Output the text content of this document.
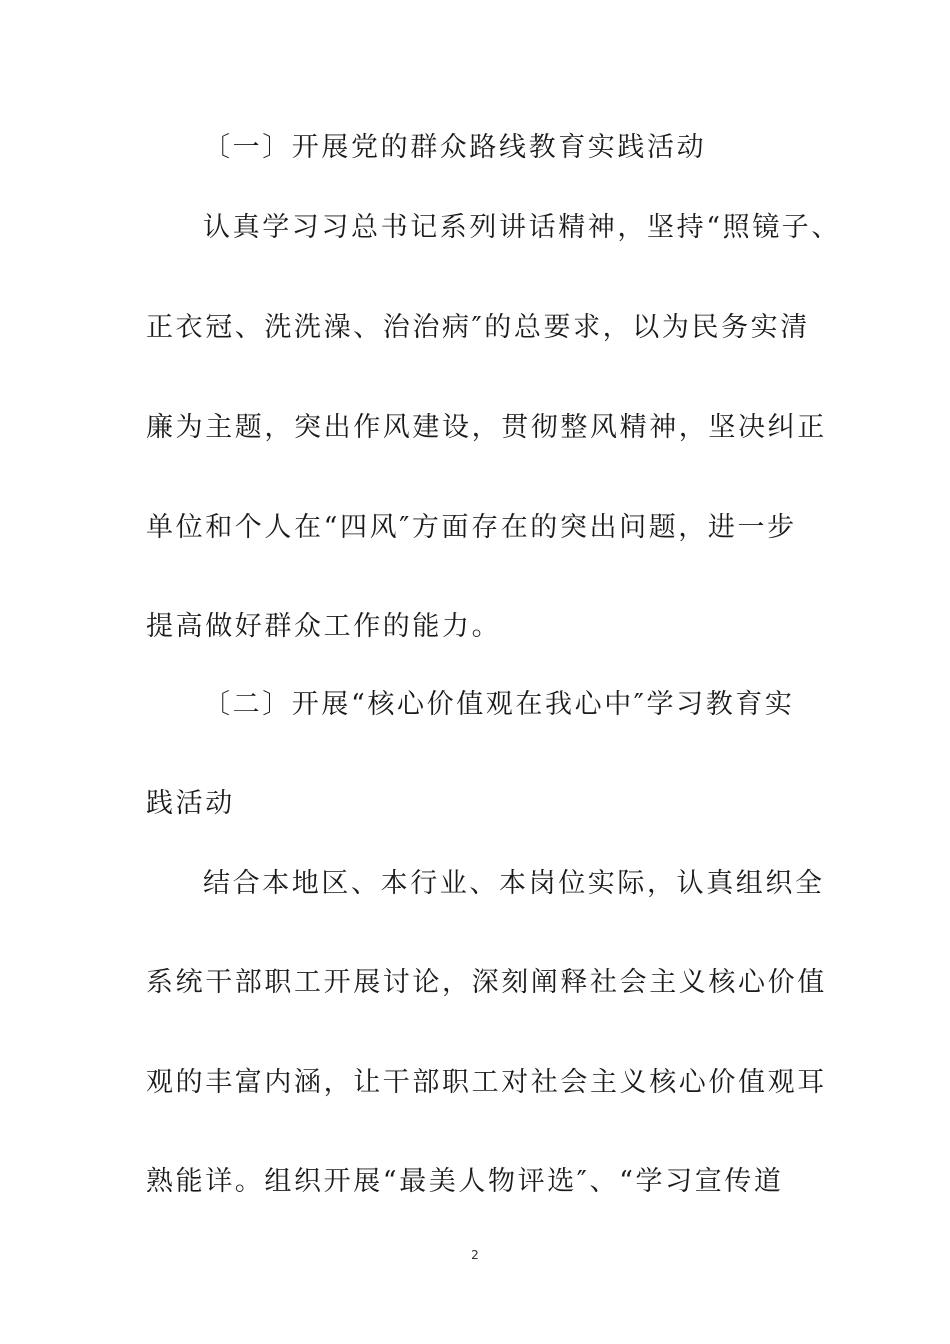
〔一〕开展党的群众路线教育实践活动
认真学习习总书记系列讲话精神，坚持“照镜子、
正衣冠、洗洗澡、治治病″的总要求，以为民务实清
廉为主题，突出作风建设，贯彻整风精神，坚决纠正
单位和个人在“四风″方面存在的突出问题，进一步
提高做好群众工作的能力。
〔二〕开展“核心价值观在我心中″学习教育实
践活动
结合本地区、本行业、本岗位实际，认真组织全
系统干部职工开展讨论，深刻阐释社会主义核心价值
观的丰富内涵，让干部职工对社会主义核心价值观耳
熟能详。组织开展“最美人物评选″、“学习宣传道
2
